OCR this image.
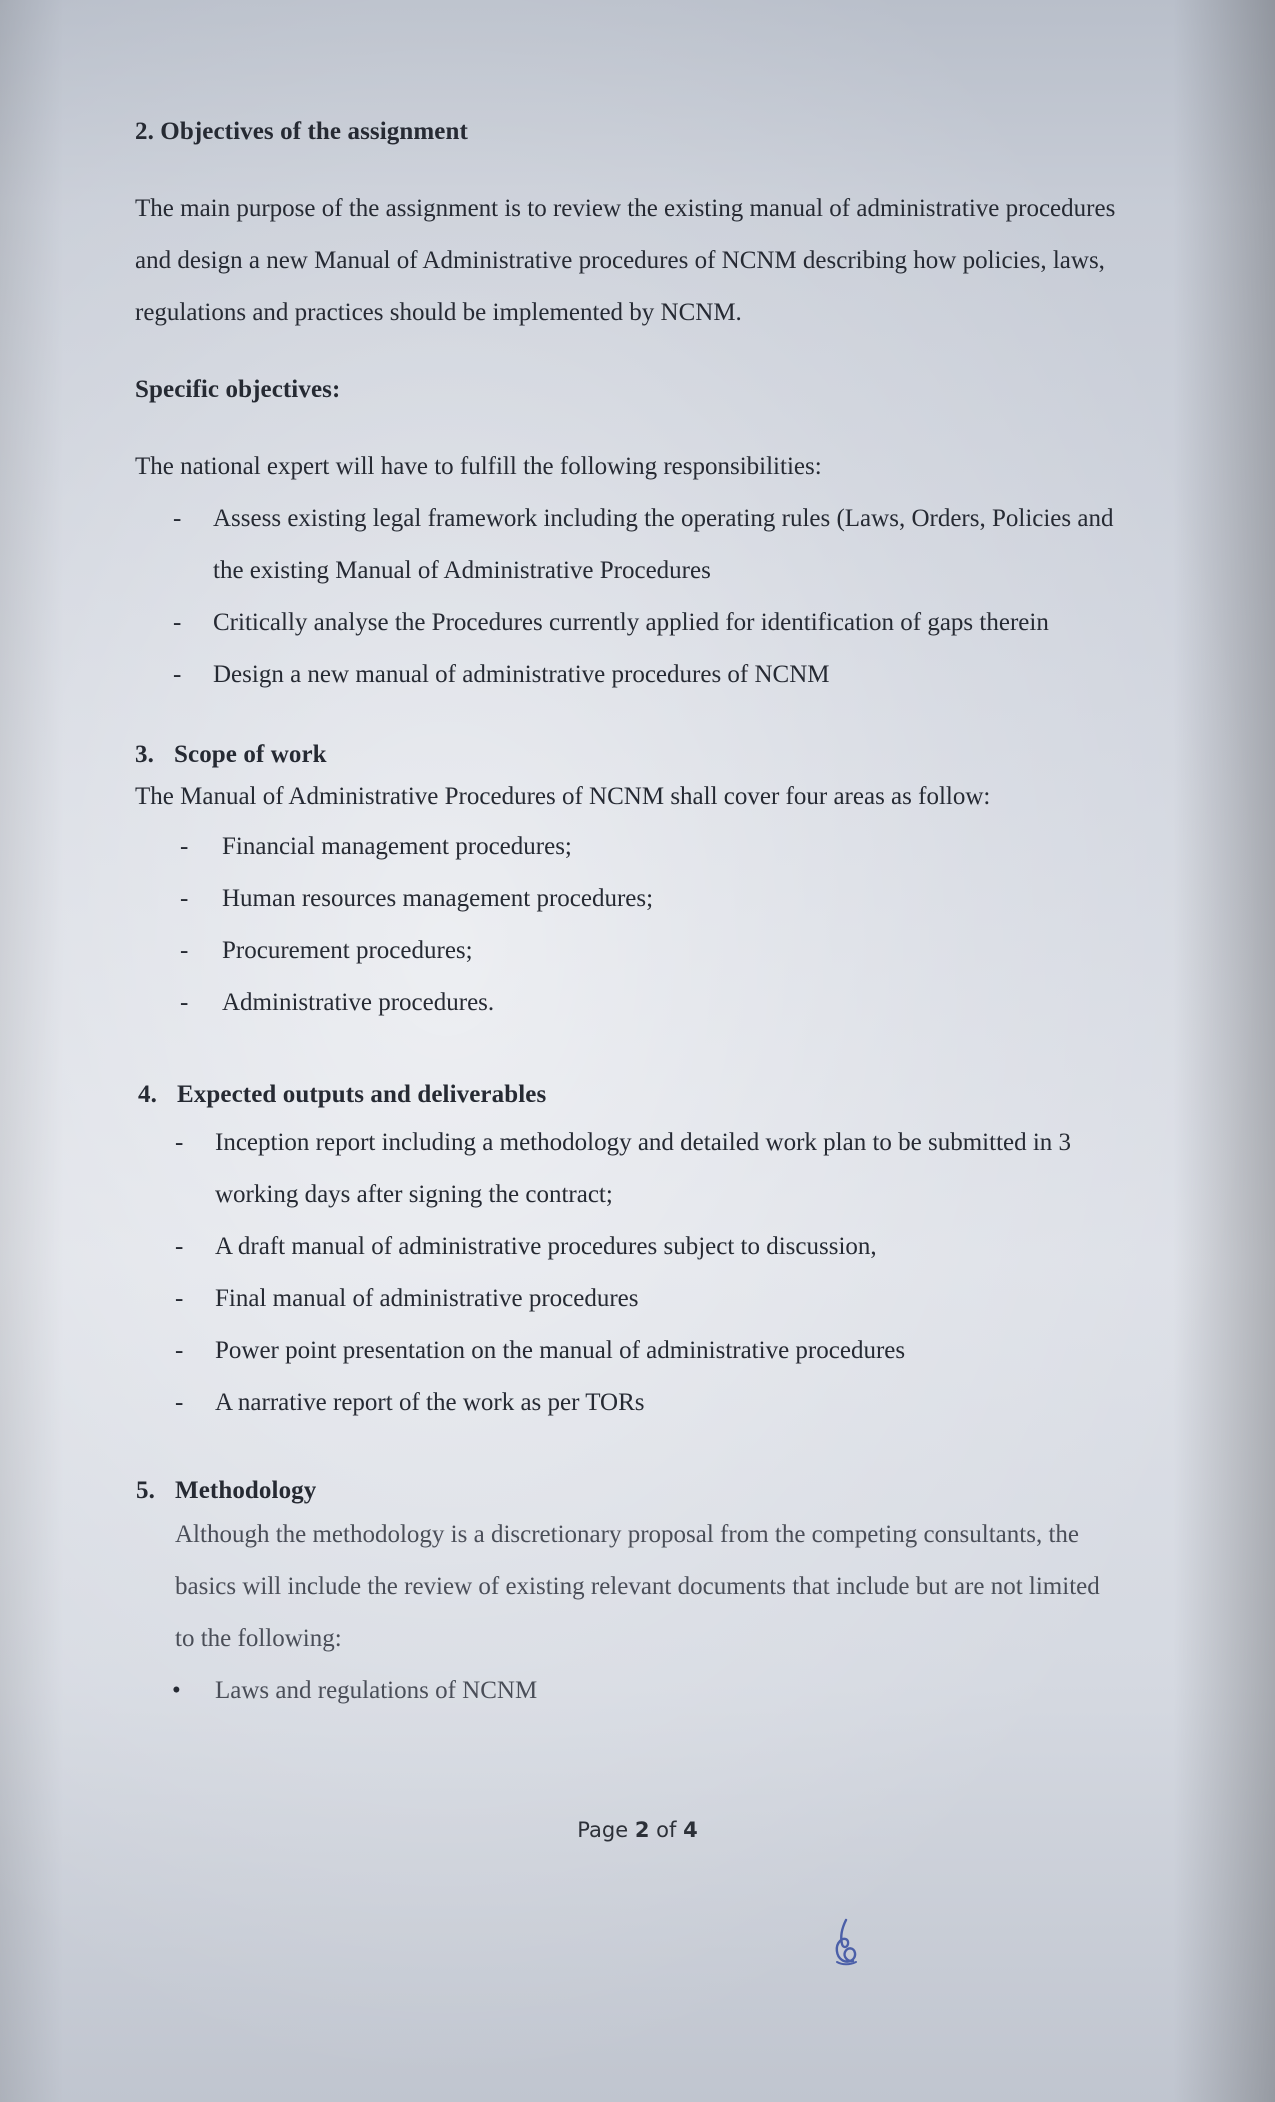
2. Objectives of the assignment
The main purpose of the assignment is to review the existing manual of administrative procedures
and design a new Manual of Administrative procedures of NCNM describing how policies, laws,
regulations and practices should be implemented by NCNM.
Specific objectives:
The national expert will have to fulfill the following responsibilities:
- Assess existing legal framework including the operating rules (Laws, Orders, Policies and
the existing Manual of Administrative Procedures
- Critically analyse the Procedures currently applied for identification of gaps therein
- Design a new manual of administrative procedures of NCNM
3. Scope of work
The Manual of Administrative Procedures of NCNM shall cover four areas as follow:
- Financial management procedures;
- Human resources management procedures;
- Procurement procedures;
- Administrative procedures.
4. Expected outputs and deliverables
- Inception report including a methodology and detailed work plan to be submitted in 3
working days after signing the contract;
- A draft manual of administrative procedures subject to discussion,
- Final manual of administrative procedures
- Power point presentation on the manual of administrative procedures
- A narrative report of the work as per TORs
5. Methodology
Although the methodology is a discretionary proposal from the competing consultants, the
basics will include the review of existing relevant documents that include but are not limited
to the following:
• Laws and regulations of NCNM
Page 2 of 4
